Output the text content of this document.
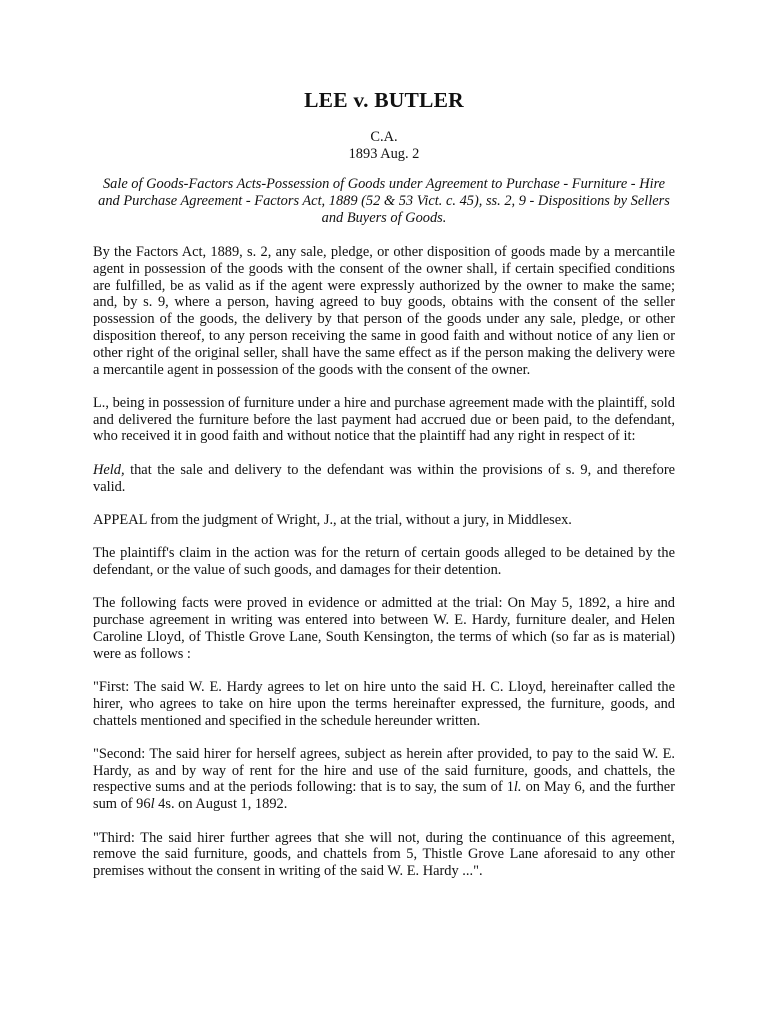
LEE v. BUTLER
C.A.
1893 Aug. 2
Sale of Goods-Factors Acts-Possession of Goods under Agreement to Purchase - Furniture - Hire and Purchase Agreement - Factors Act, 1889 (52 & 53 Vict. c. 45), ss. 2, 9 - Dispositions by Sellers and Buyers of Goods.

By the Factors Act, 1889, s. 2, any sale, pledge, or other disposition of goods made by a mercantile agent in possession of the goods with the consent of the owner shall, if certain specified conditions are fulfilled, be as valid as if the agent were expressly authorized by the owner to make the same; and, by s. 9, where a person, having agreed to buy goods, obtains with the consent of the seller possession of the goods, the delivery by that person of the goods under any sale, pledge, or other disposition thereof, to any person receiving the same in good faith and without notice of any lien or other right of the original seller, shall have the same effect as if the person making the delivery were a mercantile agent in possession of the goods with the consent of the owner.

L., being in possession of furniture under a hire and purchase agreement made with the plaintiff, sold and delivered the furniture before the last payment had accrued due or been paid, to the defendant, who received it in good faith and without notice that the plaintiff had any right in respect of it:

Held, that the sale and delivery to the defendant was within the provisions of s. 9, and therefore valid.

APPEAL from the judgment of Wright, J., at the trial, without a jury, in Middlesex.

The plaintiff's claim in the action was for the return of certain goods alleged to be detained by the defendant, or the value of such goods, and damages for their detention.

The following facts were proved in evidence or admitted at the trial: On May 5, 1892, a hire and purchase agreement in writing was entered into between W. E. Hardy, furniture dealer, and Helen Caroline Lloyd, of Thistle Grove Lane, South Kensington, the terms of which (so far as is material) were as follows :

"First: The said W. E. Hardy agrees to let on hire unto the said H. C. Lloyd, hereinafter called the hirer, who agrees to take on hire upon the terms hereinafter expressed, the furniture, goods, and chattels mentioned and specified in the schedule hereunder written.

"Second: The said hirer for herself agrees, subject as herein after provided, to pay to the said W. E. Hardy, as and by way of rent for the hire and use of the said furniture, goods, and chattels, the respective sums and at the periods following: that is to say, the sum of 1l. on May 6, and the further sum of 96l 4s. on August 1, 1892.

"Third: The said hirer further agrees that she will not, during the continuance of this agreement, remove the said furniture, goods, and chattels from 5, Thistle Grove Lane aforesaid to any other premises without the consent in writing of the said W. E. Hardy ...".
